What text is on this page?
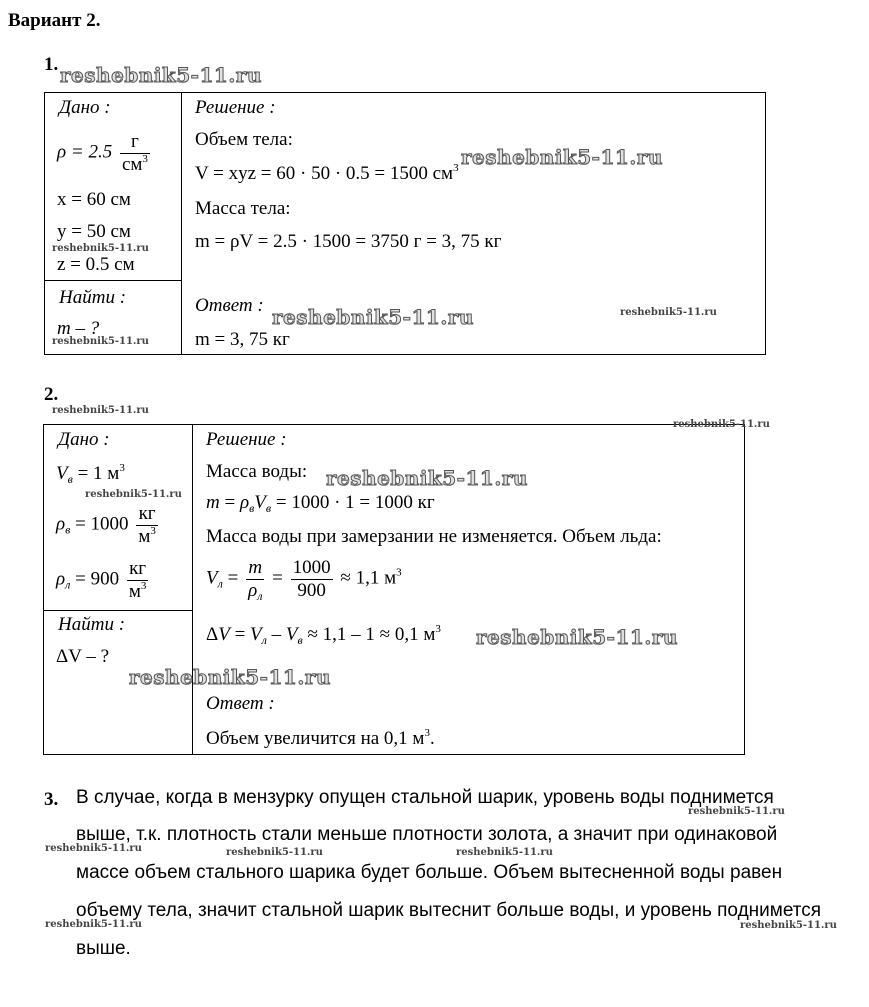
Вариант 2.
1.
Дано :
$\rho = 2.5 \frac{г}{см^3}$
x = 60 см
y = 50 см
z = 0.5 см
Найти :
m – ?
Решение :
Объем тела:
V = xyz = 60 · 50 · 0.5 = 1500 $см^3$
Масса тела:
m = ρV = 2.5 · 1500 = 3750 г = 3, 75 кг
Ответ :
m = 3, 75 кг
2.
Дано :
$V_в = 1$ $м^3$
$\rho_в = 1000 \frac{кг}{м^3}$
$\rho_л = 900 \frac{кг}{м^3}$
Найти :
ΔV – ?
Решение :
Масса воды:
$m = \rho_вV_в = 1000 \cdot 1 = 1000$ кг
Масса воды при замерзании не изменяется. Объем льда:
$V_л = \frac{m}{\rho_л} = \frac{1000}{900} \approx 1,1$ $м^3$
$\Delta V = V_л - V_в \approx 1,1 - 1 \approx 0,1$ $м^3$
Ответ :
Объем увеличится на 0,1 $м^3$.
3. В случае, когда в мензурку опущен стальной шарик, уровень воды поднимется
выше, т.к. плотность стали меньше плотности золота, а значит при одинаковой
массе объем стального шарика будет больше. Объем вытесненной воды равен
объему тела, значит стальной шарик вытеснит больше воды, и уровень поднимется
выше.
reshebnik5-11.ru
reshebnik5-11.ru
reshebnik5-11.ru
reshebnik5-11.ru	reshebnik5-11.ru
reshebnik5-11.ru
reshebnik5-11.ru
reshebnik5-11.ru
reshebnik5-11.ru
reshebnik5-11.ru
reshebnik5-11.ru
reshebnik5-11.ru
reshebnik5-11.ru
reshebnik5-11.ru	reshebnik5-11.ru	reshebnik5-11.ru
reshebnik5-11.ru	reshebnik5-11.ru
